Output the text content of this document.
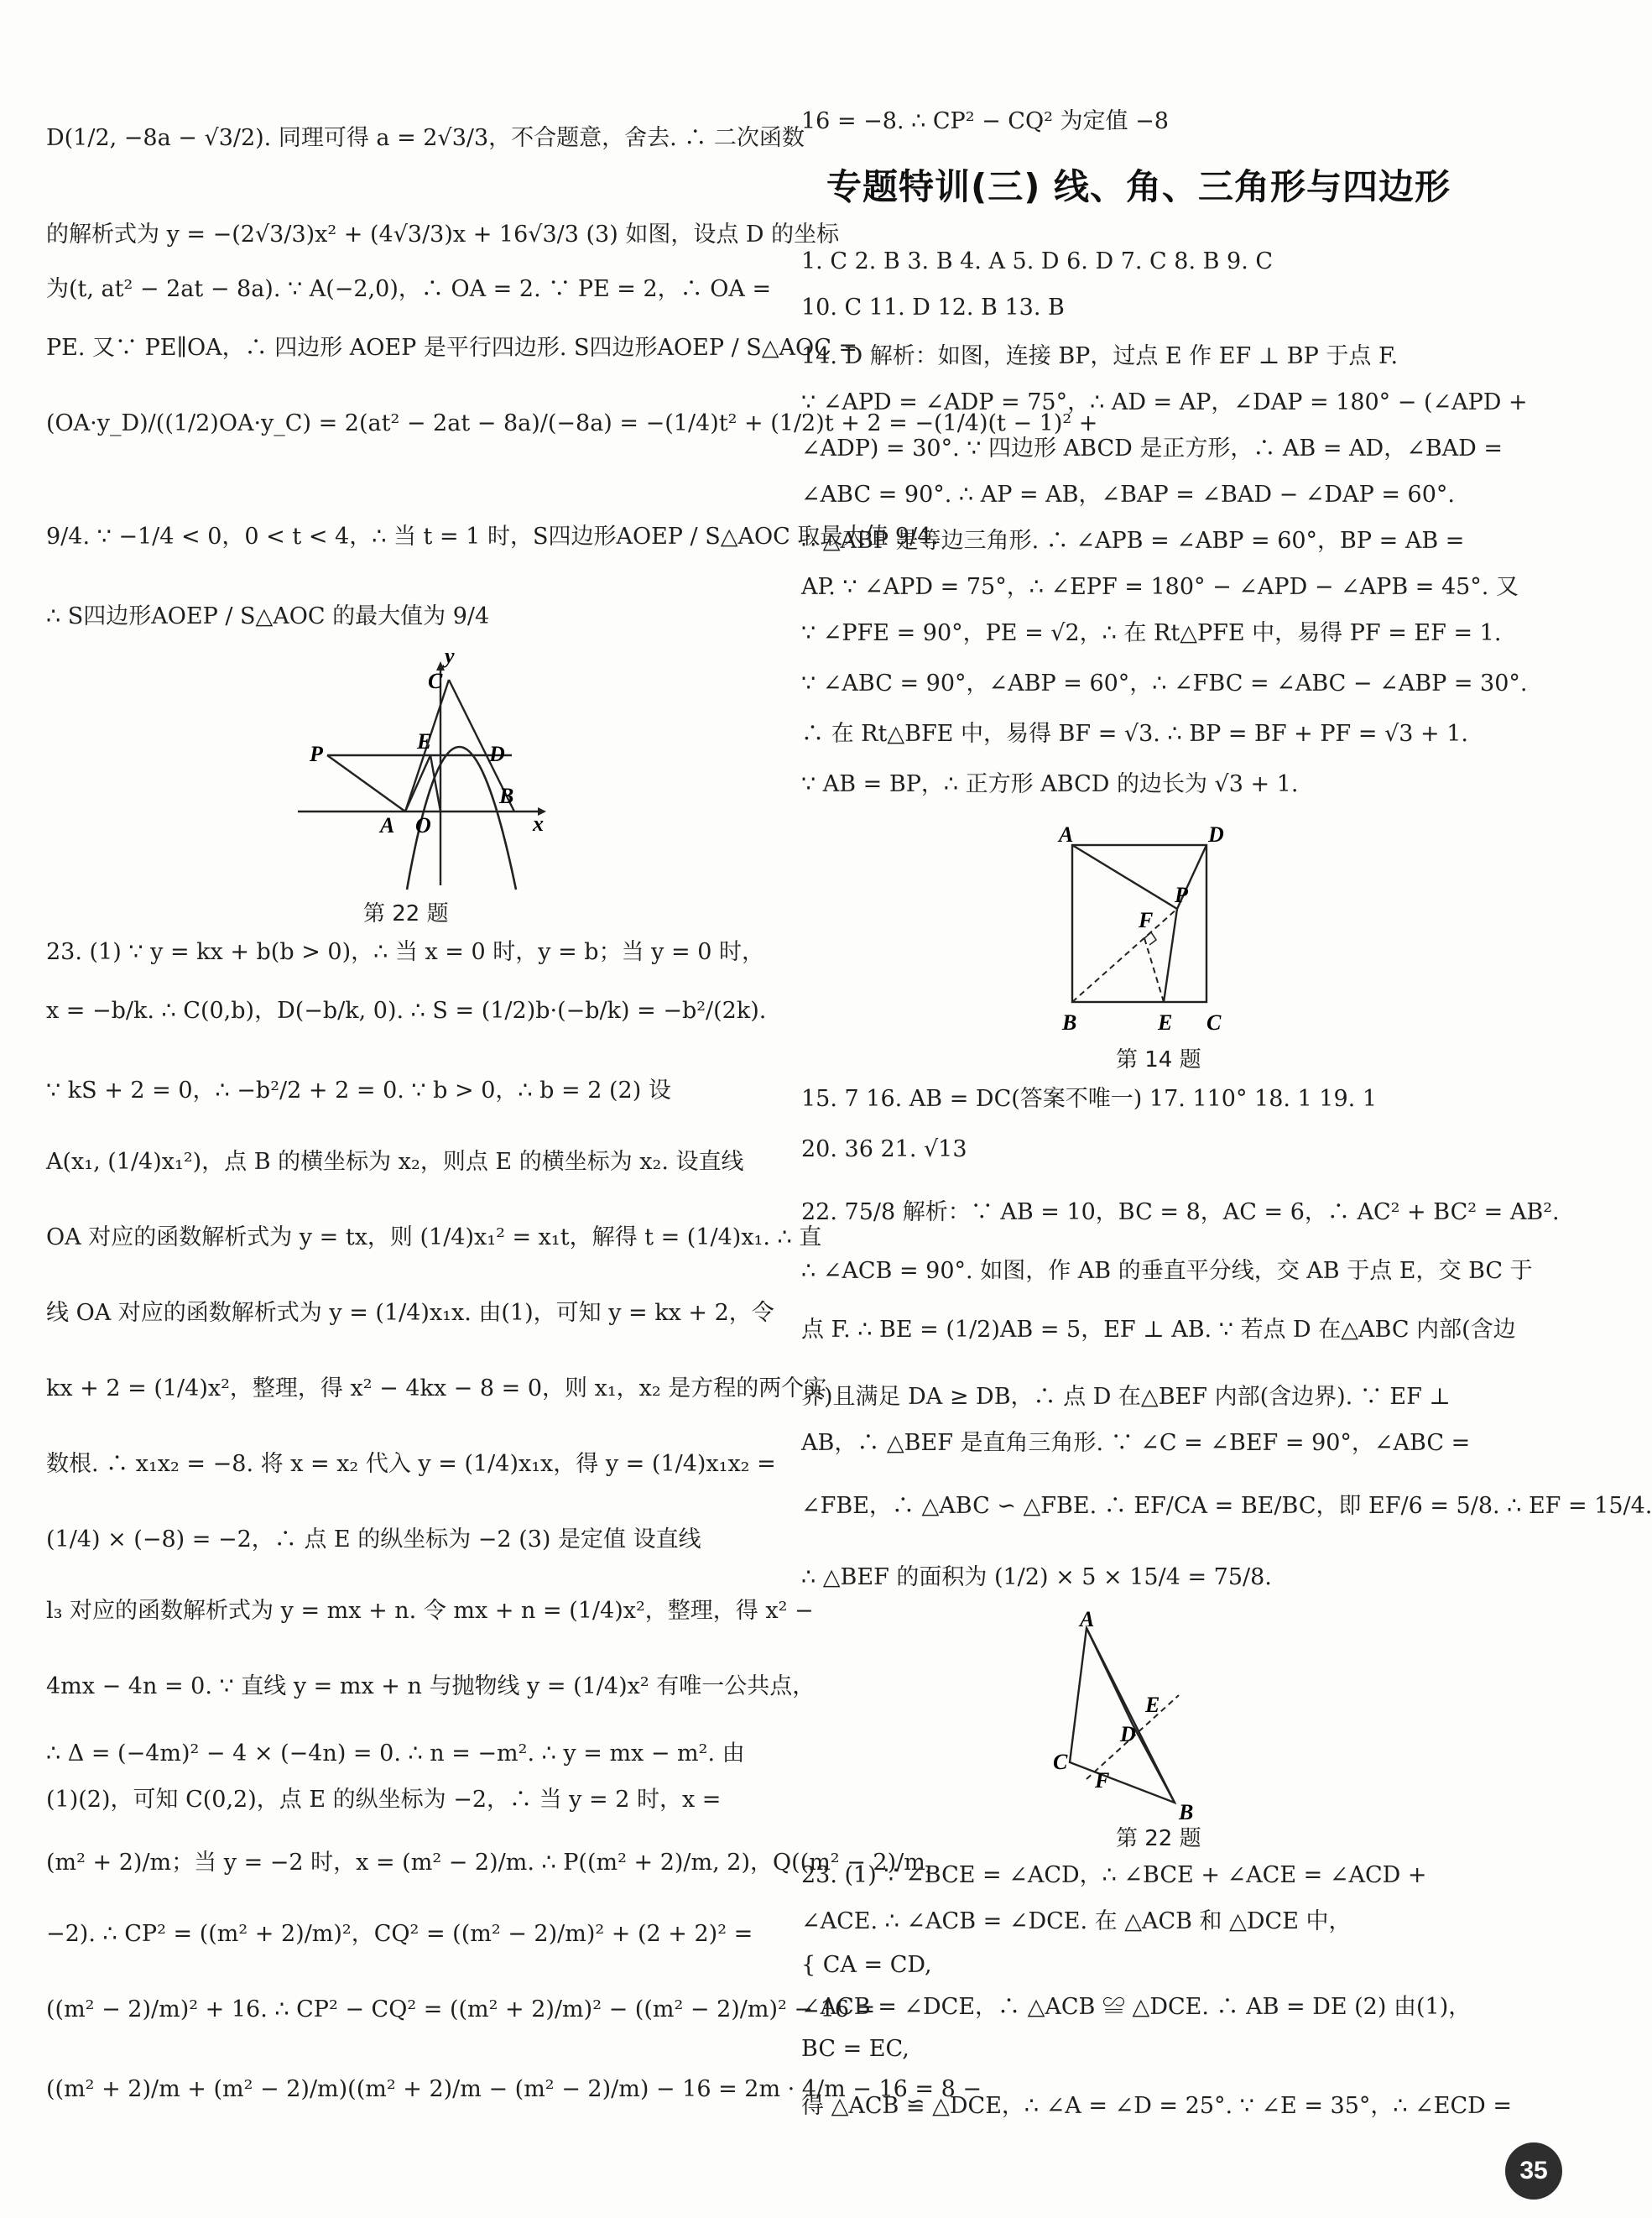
D(1/2, −8a − √3/2). 同理可得 a = 2√3/3，不合题意，舍去. ∴ 二次函数
的解析式为 y = −(2√3/3)x² + (4√3/3)x + 16√3/3 (3) 如图，设点 D 的坐标
为(t, at² − 2at − 8a). ∵ A(−2,0)，∴ OA = 2. ∵ PE = 2，∴ OA =
PE. 又∵ PE∥OA，∴ 四边形 AOEP 是平行四边形. S四边形AOEP / S△AOC =
(OA·y_D)/((1/2)OA·y_C) = 2(at² − 2at − 8a)/(−8a) = −(1/4)t² + (1/2)t + 2 = −(1/4)(t − 1)² +
9/4. ∵ −1/4 < 0，0 < t < 4，∴ 当 t = 1 时，S四边形AOEP / S△AOC 取最大值 9/4.
∴ S四边形AOEP / S△AOC 的最大值为 9/4
y
C
P
E
D
B
A O	x
第 22 题
23. (1) ∵ y = kx + b(b > 0)，∴ 当 x = 0 时，y = b；当 y = 0 时，
x = −b/k. ∴ C(0,b)，D(−b/k, 0). ∴ S = (1/2)b·(−b/k) = −b²/(2k).
∵ kS + 2 = 0，∴ −b²/2 + 2 = 0. ∵ b > 0，∴ b = 2 (2) 设
A(x₁, (1/4)x₁²)，点 B 的横坐标为 x₂，则点 E 的横坐标为 x₂. 设直线
OA 对应的函数解析式为 y = tx，则 (1/4)x₁² = x₁t，解得 t = (1/4)x₁. ∴ 直
线 OA 对应的函数解析式为 y = (1/4)x₁x. 由(1)，可知 y = kx + 2，令
kx + 2 = (1/4)x²，整理，得 x² − 4kx − 8 = 0，则 x₁，x₂ 是方程的两个实
数根. ∴ x₁x₂ = −8. 将 x = x₂ 代入 y = (1/4)x₁x，得 y = (1/4)x₁x₂ =
(1/4) × (−8) = −2，∴ 点 E 的纵坐标为 −2 (3) 是定值 设直线
l₃ 对应的函数解析式为 y = mx + n. 令 mx + n = (1/4)x²，整理，得 x² −
4mx − 4n = 0. ∵ 直线 y = mx + n 与抛物线 y = (1/4)x² 有唯一公共点，
∴ Δ = (−4m)² − 4 × (−4n) = 0. ∴ n = −m². ∴ y = mx − m². 由
(1)(2)，可知 C(0,2)，点 E 的纵坐标为 −2，∴ 当 y = 2 时，x =
(m² + 2)/m；当 y = −2 时，x = (m² − 2)/m. ∴ P((m² + 2)/m, 2)，Q((m² − 2)/m,
−2). ∴ CP² = ((m² + 2)/m)²，CQ² = ((m² − 2)/m)² + (2 + 2)² =
((m² − 2)/m)² + 16. ∴ CP² − CQ² = ((m² + 2)/m)² − ((m² − 2)/m)² − 16 =
((m² + 2)/m + (m² − 2)/m)((m² + 2)/m − (m² − 2)/m) − 16 = 2m · 4/m − 16 = 8 −
16 = −8. ∴ CP² − CQ² 为定值 −8
专题特训(三) 线、角、三角形与四边形
1. C 2. B 3. B 4. A 5. D 6. D 7. C 8. B 9. C
10. C 11. D 12. B 13. B
14. D 解析：如图，连接 BP，过点 E 作 EF ⊥ BP 于点 F.
∵ ∠APD = ∠ADP = 75°，∴ AD = AP，∠DAP = 180° − (∠APD +
∠ADP) = 30°. ∵ 四边形 ABCD 是正方形，∴ AB = AD，∠BAD =
∠ABC = 90°. ∴ AP = AB，∠BAP = ∠BAD − ∠DAP = 60°.
∴ △ABP 是等边三角形. ∴ ∠APB = ∠ABP = 60°，BP = AB =
AP. ∵ ∠APD = 75°，∴ ∠EPF = 180° − ∠APD − ∠APB = 45°. 又
∵ ∠PFE = 90°，PE = √2，∴ 在 Rt△PFE 中，易得 PF = EF = 1.
∵ ∠ABC = 90°，∠ABP = 60°，∴ ∠FBC = ∠ABC − ∠ABP = 30°.
∴ 在 Rt△BFE 中，易得 BF = √3. ∴ BP = BF + PF = √3 + 1.
∵ AB = BP，∴ 正方形 ABCD 的边长为 √3 + 1.
A	D
P
F
B	E C
第 14 题
15. 7 16. AB = DC(答案不唯一) 17. 110° 18. 1 19. 1
20. 36 21. √13
22. 75/8 解析：∵ AB = 10，BC = 8，AC = 6，∴ AC² + BC² = AB².
∴ ∠ACB = 90°. 如图，作 AB 的垂直平分线，交 AB 于点 E，交 BC 于
点 F. ∴ BE = (1/2)AB = 5，EF ⊥ AB. ∵ 若点 D 在△ABC 内部(含边
界)且满足 DA ≥ DB，∴ 点 D 在△BEF 内部(含边界). ∵ EF ⊥
AB，∴ △BEF 是直角三角形. ∵ ∠C = ∠BEF = 90°，∠ABC =
∠FBE，∴ △ABC ∽ △FBE. ∴ EF/CA = BE/BC，即 EF/6 = 5/8. ∴ EF = 15/4.
∴ △BEF 的面积为 (1/2) × 5 × 15/4 = 75/8.
A
E
D
C
F
B
第 22 题
23. (1) ∵ ∠BCE = ∠ACD，∴ ∠BCE + ∠ACE = ∠ACD +
∠ACE. ∴ ∠ACB = ∠DCE. 在 △ACB 和 △DCE 中，
{ CA = CD,
∠ACB = ∠DCE，∴ △ACB ≌ △DCE. ∴ AB = DE (2) 由(1)，
BC = EC,
得 △ACB ≌ △DCE，∴ ∠A = ∠D = 25°. ∵ ∠E = 35°，∴ ∠ECD =
35
